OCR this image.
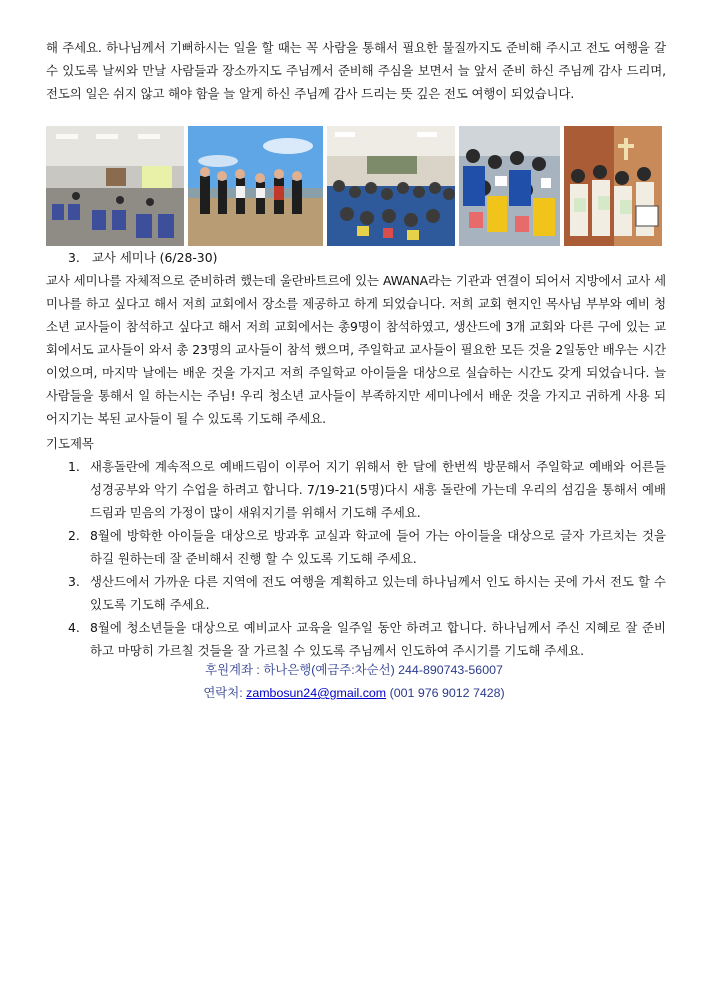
해 주세요. 하나님께서 기뻐하시는 일을 할 때는 꼭 사람을 통해서 필요한 물질까지도 준비해 주시고 전도 여행을 갈 수 있도록 날씨와 만날 사람들과 장소까지도 주님께서 준비해 주심을 보면서 늘 앞서 준비 하신 주님께 감사 드리며, 전도의 일은 쉬지 않고 해야 함을 늘 알게 하신 주님께 감사 드리는 뜻 깊은 전도 여행이 되었습니다.

3. 교사 세미나 (6/28-30)

교사 세미나를 자체적으로 준비하려 했는데 울란바트르에 있는 AWANA라는 기관과 연결이 되어서 지방에서 교사 세미나를 하고 싶다고 해서 저희 교회에서 장소를 제공하고 하게 되었습니다. 저희 교회 현지인 목사님 부부와 예비 청소년 교사들이 참석하고 싶다고 해서 저희 교회에서는 총9명이 참석하였고, 생산드에 3개 교회와 다른 구에 있는 교회에서도 교사들이 와서 총 23명의 교사들이 참석 했으며, 주일학교 교사들이 필요한 모든 것을 2일동안 배우는 시간이었으며, 마지막 날에는 배운 것을 가지고 저희 주일학교 아이들을 대상으로 실습하는 시간도 갖게 되었습니다. 늘 사람들을 통해서 일 하는시는 주님! 우리 청소년 교사들이 부족하지만 세미나에서 배운 것을 가지고 귀하게 사용 되어지기는 복된 교사들이 될 수 있도록 기도해 주세요.

기도제목
1. 새흥돌란에 계속적으로 예배드림이 이루어 지기 위해서 한 달에 한번씩 방문해서 주일학교 예배와 어른들 성경공부와 악기 수업을 하려고 합니다. 7/19-21(5명)다시 새흥 돌란에 가는데 우리의 섬김을 통해서 예배드림과 믿음의 가정이 많이 새워지기를 위해서 기도해 주세요.
2. 8월에 방학한 아이들을 대상으로 방과후 교실과 학교에 들어 가는 아이들을 대상으로 글자 가르치는 것을 하길 원하는데 잘 준비해서 진행 할 수 있도록 기도해 주세요.
3. 생산드에서 가까운 다른 지역에 전도 여행을 계획하고 있는데 하나님께서 인도 하시는 곳에 가서 전도 할 수 있도록 기도해 주세요.
4. 8월에 청소년들을 대상으로 예비교사 교육을 일주일 동안 하려고 합니다. 하나님께서 주신 지혜로 잘 준비하고 마땅히 가르칠 것들을 잘 가르칠 수 있도록 주님께서 인도하여 주시기를 기도해 주세요.
후원계좌 : 하나은행(예금주:차순선) 244-890743-56007
연락처: zambosun24@gmail.com (001 976 9012 7428)
